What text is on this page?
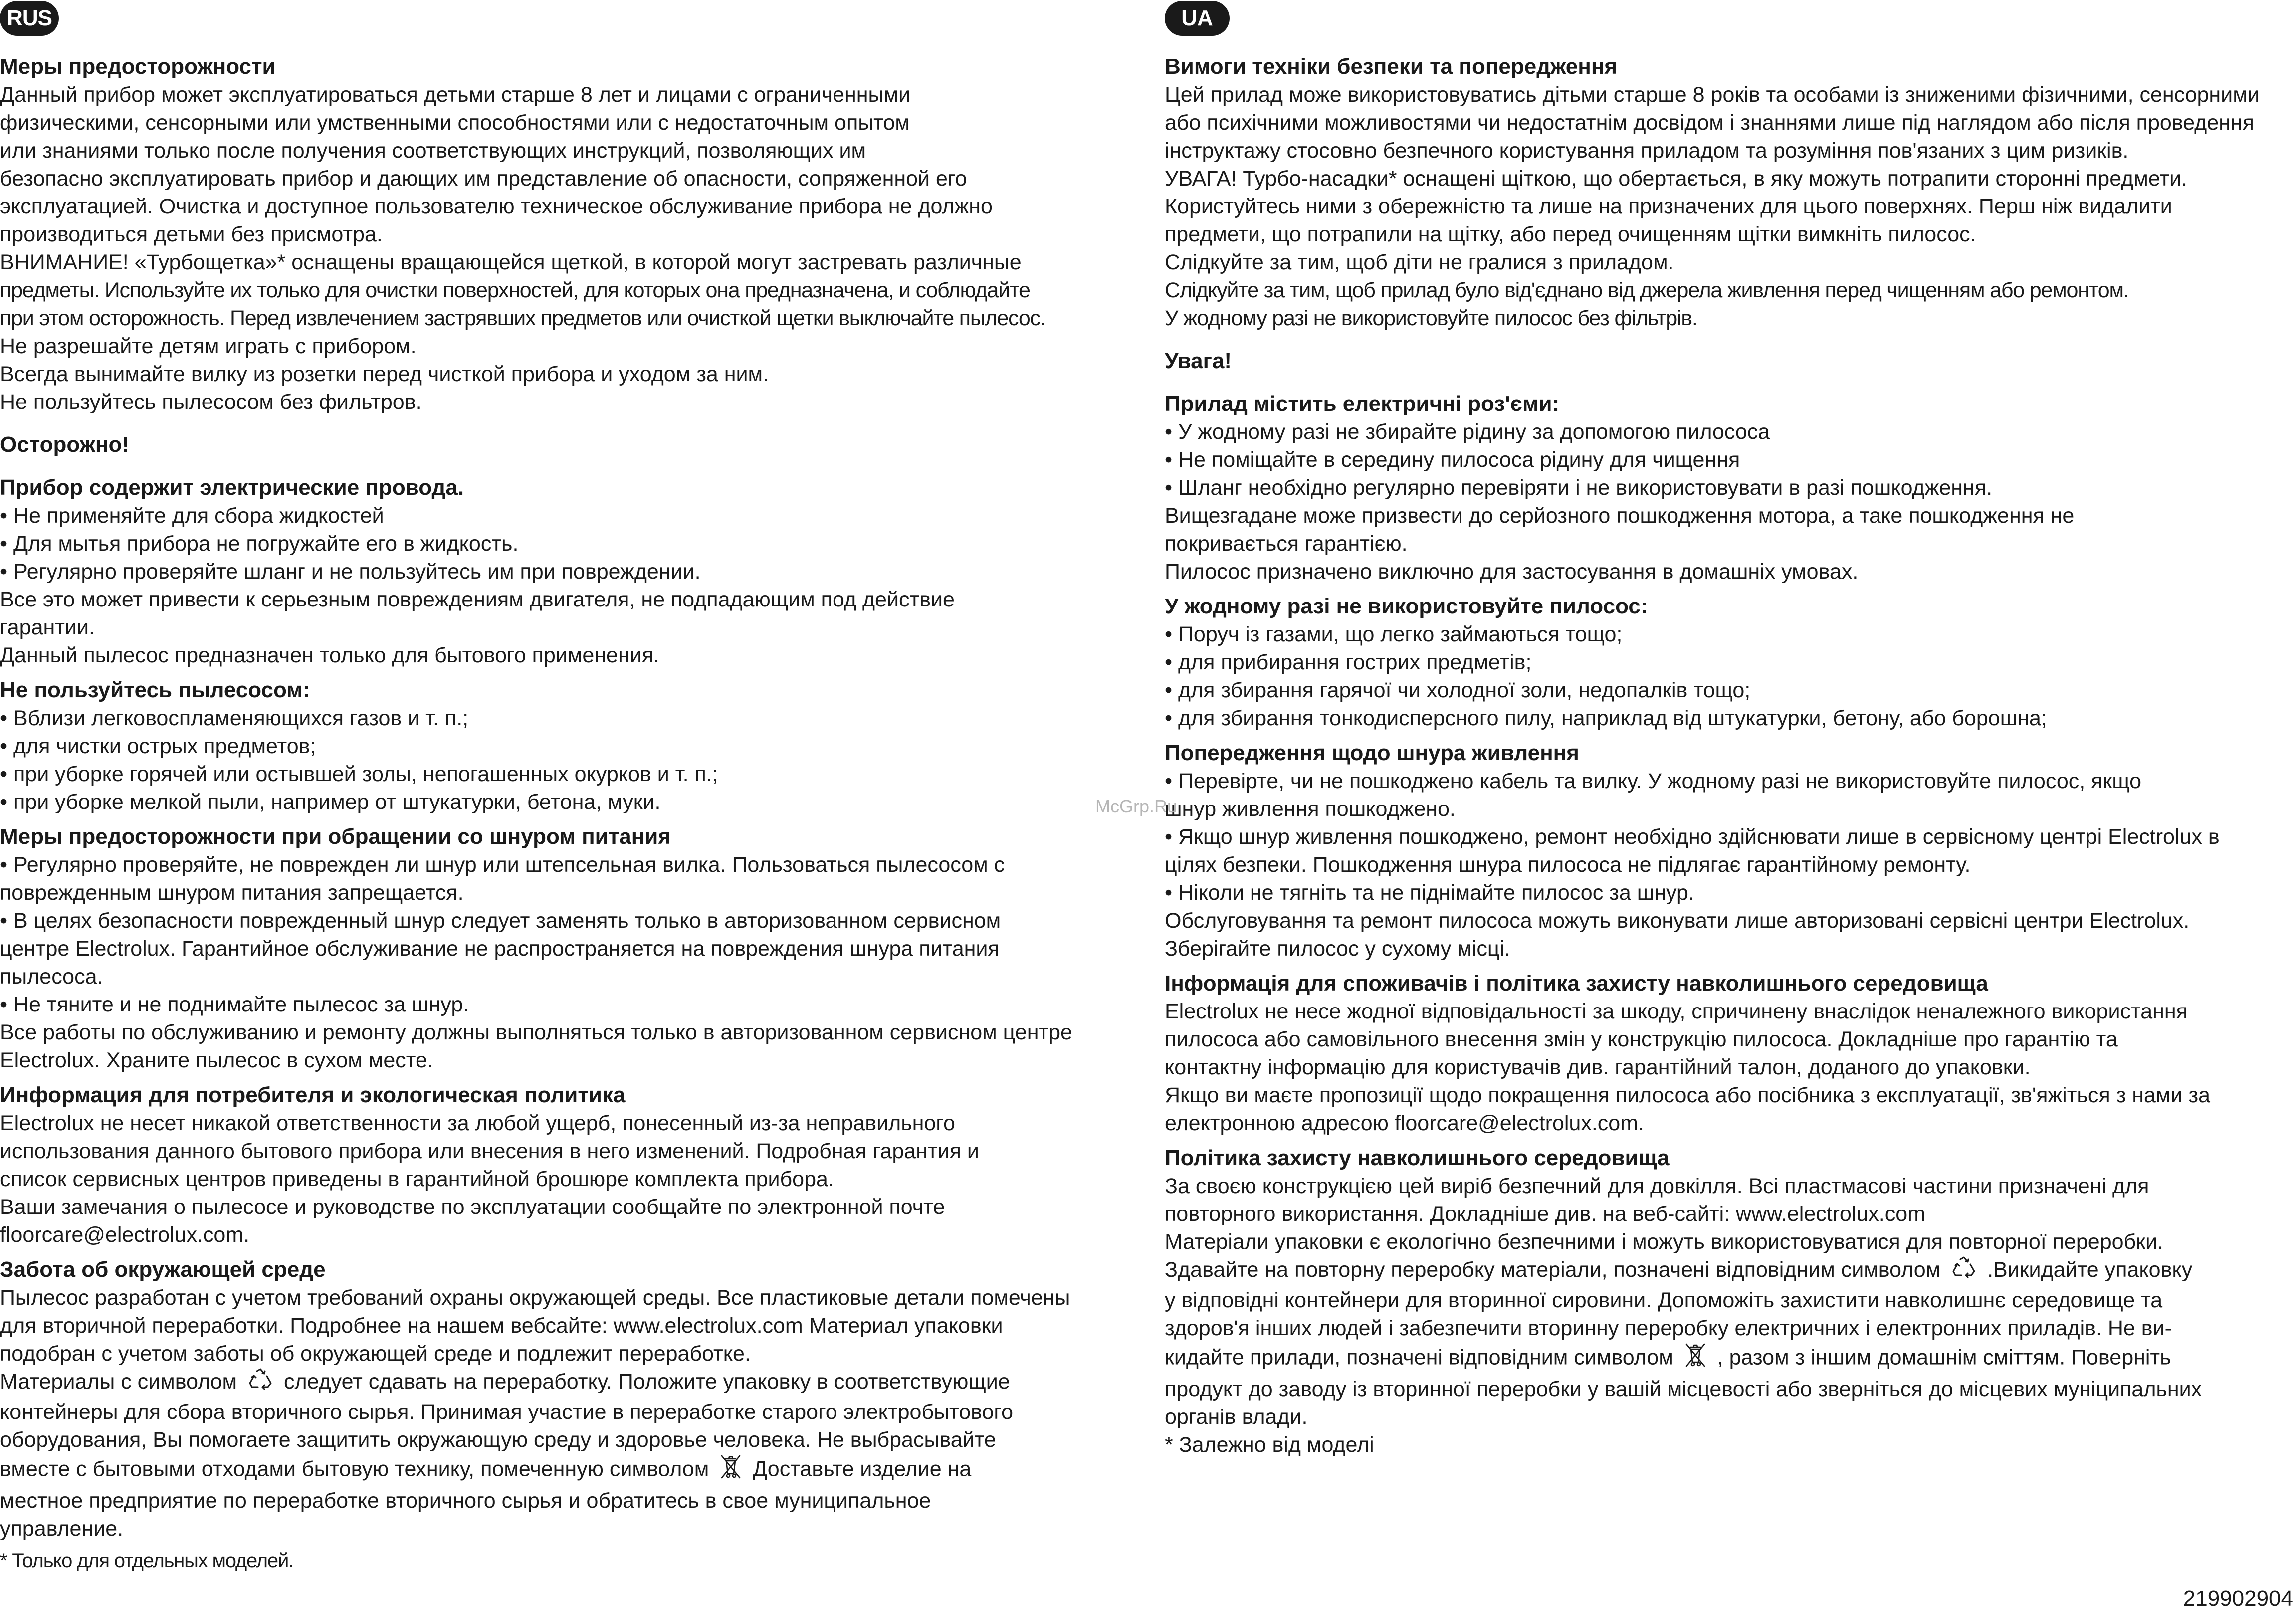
RUS

Меры предосторожности

Данный прибор может эксплуатироваться детьми старше 8 лет и лицами с ограниченными

физическими, сенсорными или умственными способностями или с недостаточным опытом

или знаниями только после получения соответствующих инструкций, позволяющих им

безопасно эксплуатировать прибор и дающих им представление об опасности, сопряженной его

эксплуатацией. Очистка и доступное пользователю техническое обслуживание прибора не должно

производиться детьми без присмотра.

ВНИМАНИЕ! «Турбощетка»* оснащены вращающейся щеткой, в которой могут застревать различные

предметы. Используйте их только для очистки поверхностей, для которых она предназначена, и соблюдайте

при этом осторожность. Перед извлечением застрявших предметов или очисткой щетки выключайте пылесос.

Не разрешайте детям играть с прибором.

Всегда вынимайте вилку из розетки перед чисткой прибора и уходом за ним.

Не пользуйтесь пылесосом без фильтров.

Осторожно!

Прибор содержит электрические провода.

• Не применяйте для сбора жидкостей

• Для мытья прибора не погружайте его в жидкость.

• Регулярно проверяйте шланг и не пользуйтесь им при повреждении.

Все это может привести к серьезным повреждениям двигателя, не подпадающим под действие

гарантии.

Данный пылесос предназначен только для бытового применения.

Не пользуйтесь пылесосом:

• Вблизи легковоспламеняющихся газов и т. п.;

• для чистки острых предметов;

• при уборке горячей или остывшей золы, непогашенных окурков и т. п.;

• при уборке мелкой пыли, например от штукатурки, бетона, муки.

Меры предосторожности при обращении со шнуром питания

• Регулярно проверяйте, не поврежден ли шнур или штепсельная вилка. Пользоваться пылесосом с

поврежденным шнуром питания запрещается.

• В целях безопасности поврежденный шнур следует заменять только в авторизованном сервисном

центре Electrolux. Гарантийное обслуживание не распространяется на повреждения шнура питания

пылесоса.

• Не тяните и не поднимайте пылесос за шнур.

Все работы по обслуживанию и ремонту должны выполняться только в авторизованном сервисном центре

Electrolux. Храните пылесос в сухом месте.

Информация для потребителя и экологическая политика

Electrolux не несет никакой ответственности за любой ущерб, понесенный из-за неправильного

использования данного бытового прибора или внесения в него изменений. Подробная гарантия и

список сервисных центров приведены в гарантийной брошюре комплекта прибора.

Ваши замечания о пылесосе и руководстве по эксплуатации сообщайте по электронной почте

floorcare@electrolux.com.

Забота об окружающей среде

Пылесос разработан с учетом требований охраны окружающей среды. Все пластиковые детали помечены

для вторичной переработки. Подробнее на нашем вебсайте: www.electrolux.com Материал упаковки

подобран с учетом заботы об окружающей среде и подлежит переработке.

Материалы с символом следует сдавать на переработку. Положите упаковку в соответствующие

контейнеры для сбора вторичного сырья. Принимая участие в переработке старого электробытового

оборудования, Вы помогаете защитить окружающую среду и здоровье человека. Не выбрасывайте

вместе с бытовыми отходами бытовую технику, помеченную символом Доставьте изделие на

местное предприятие по переработке вторичного сырья и обратитесь в свое муниципальное

управление.

* Только для отдельных моделей.

UA

Вимоги техніки безпеки та попередження

Цей прилад може використовуватись дітьми старше 8 років та особами із зниженими фізичними, сенсорними

або психічними можливостями чи недостатнім досвідом і знаннями лише під наглядом або після проведення

інструктажу стосовно безпечного користування приладом та розуміння пов'язаних з цим ризиків.

УВАГА! Турбо-насадки* оснащені щіткою, що обертається, в яку можуть потрапити сторонні предмети.

Користуйтесь ними з обережністю та лише на призначених для цього поверхнях. Перш ніж видалити

предмети, що потрапили на щітку, або перед очищенням щітки вимкніть пилосос.

Слідкуйте за тим, щоб діти не гралися з приладом.

Слідкуйте за тим, щоб прилад було від'єднано від джерела живлення перед чищенням або ремонтом.

У жодному разі не використовуйте пилосос без фільтрів.

Увага!

Прилад містить електричні роз'єми:

• У жодному разі не збирайте рідину за допомогою пилососа

• Не поміщайте в середину пилососа рідину для чищення

• Шланг необхідно регулярно перевіряти і не використовувати в разі пошкодження.

Вищезгадане може призвести до серйозного пошкодження мотора, а таке пошкодження не

покривається гарантією.

Пилосос призначено виключно для застосування в домашніх умовах.

У жодному разі не використовуйте пилосос:

• Поруч із газами, що легко займаються тощо;

• для прибирання гострих предметів;

• для збирання гарячої чи холодної золи, недопалків тощо;

• для збирання тонкодисперсного пилу, наприклад від штукатурки, бетону, або борошна;

Попередження щодо шнура живлення

• Перевірте, чи не пошкоджено кабель та вилку. У жодному разі не використовуйте пилосос, якщо

шнур живлення пошкоджено.

• Якщо шнур живлення пошкоджено, ремонт необхідно здійснювати лише в сервісному центрі Electrolux в

цілях безпеки. Пошкодження шнура пилососа не підлягає гарантійному ремонту.

• Ніколи не тягніть та не піднімайте пилосос за шнур.

Обслуговування та ремонт пилососа можуть виконувати лише авторизовані сервісні центри Electrolux.

Зберігайте пилосос у сухому місці.

Інформація для споживачів і політика захисту навколишнього середовища

Electrolux не несе жодної відповідальності за шкоду, спричинену внаслідок неналежного використання

пилососа або самовільного внесення змін у конструкцію пилососа. Докладніше про гарантію та

контактну інформацію для користувачів див. гарантійний талон, доданого до упаковки.

Якщо ви маєте пропозиції щодо покращення пилососа або посібника з експлуатації, зв'яжіться з нами за

електронною адресою floorcare@electrolux.com.

Політика захисту навколишнього середовища

За своєю конструкцією цей виріб безпечний для довкілля. Всі пластмасові частини призначені для

повторного використання. Докладніше див. на веб-сайті: www.electrolux.com

Матеріали упаковки є екологічно безпечними і можуть використовуватися для повторної переробки.

Здавайте на повторну переробку матеріали, позначені відповідним символом .Викидайте упаковку

у відповідні контейнери для вторинної сировини. Допоможіть захистити навколишнє середовище та

здоров'я інших людей і забезпечити вторинну переробку електричних і електронних приладів. Не ви-

кидайте прилади, позначені відповідним символом , разом з іншим домашнім сміттям. Поверніть

продукт до заводу із вторинної переробки у вашій місцевості або зверніться до місцевих муніципальних

органів влади.

* Залежно від моделі

McGrp.Ru
219902904
